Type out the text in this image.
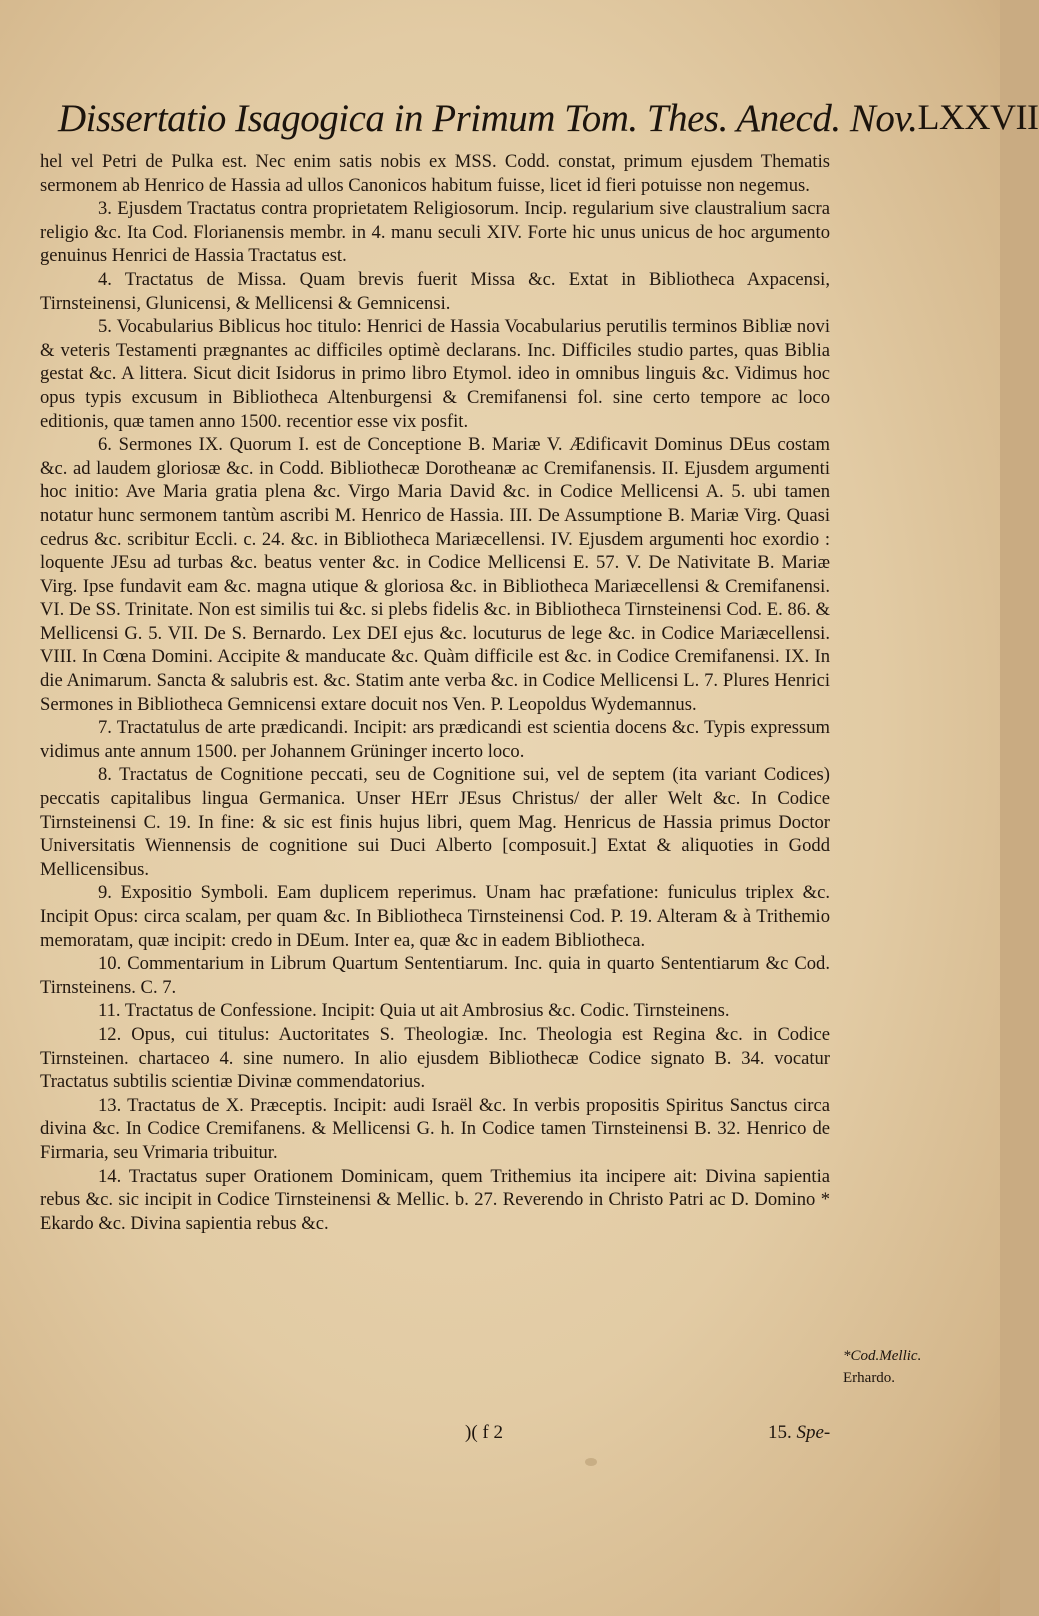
Dissertatio Isagogica in Primum Tom. Thes. Anecd. Nov. LXXVII

hel vel Petri de Pulka est. Nec enim satis nobis ex MSS. Codd. constat, primum ejusdem Thematis sermonem ab Henrico de Hassia ad ullos Canonicos habitum fuisse, licet id fieri potuisse non negemus.

3. Ejusdem Tractatus contra proprietatem Religiosorum. Incip. regularium sive claustralium sacra religio &c. Ita Cod. Florianensis membr. in 4. manu seculi XIV. Forte hic unus unicus de hoc argumento genuinus Henrici de Hassia Tractatus est.

4. Tractatus de Missa. Quam brevis fuerit Missa &c. Extat in Bibliotheca Axpacensi, Tirnsteinensi, Glunicensi, & Mellicensi & Gemnicensi.

5. Vocabularius Biblicus hoc titulo: Henrici de Hassia Vocabularius perutilis terminos Bibliæ novi & veteris Testamenti prægnantes ac difficiles optimè declarans. Inc. Difficiles studio partes, quas Biblia gestat &c. A littera. Sicut dicit Isidorus in primo libro Etymol. ideo in omnibus linguis &c. Vidimus hoc opus typis excusum in Bibliotheca Altenburgensi & Cremifanensi fol. sine certo tempore ac loco editionis, quæ tamen anno 1500. recentior esse vix posfit.

6. Sermones IX. Quorum I. est de Conceptione B. Mariæ V. Ædificavit Dominus DEus costam &c. ad laudem gloriosæ &c. in Codd. Bibliothecæ Dorotheanæ ac Cremifanensis. II. Ejusdem argumenti hoc initio: Ave Maria gratia plena &c. Virgo Maria David &c. in Codice Mellicensi A. 5. ubi tamen notatur hunc sermonem tantùm ascribi M. Henrico de Hassia. III. De Assumptione B. Mariæ Virg. Quasi cedrus &c. scribitur Eccli. c. 24. &c. in Bibliotheca Mariæcellensi. IV. Ejusdem argumenti hoc exordio : loquente JEsu ad turbas &c. beatus venter &c. in Codice Mellicensi E. 57. V. De Nativitate B. Mariæ Virg. Ipse fundavit eam &c. magna utique & gloriosa &c. in Bibliotheca Mariæcellensi & Cremifanensi. VI. De SS. Trinitate. Non est similis tui &c. si plebs fidelis &c. in Bibliotheca Tirnsteinensi Cod. E. 86. & Mellicensi G. 5. VII. De S. Bernardo. Lex DEI ejus &c. locuturus de lege &c. in Codice Mariæcellensi. VIII. In Cœna Domini. Accipite & manducate &c. Quàm difficile est &c. in Codice Cremifanensi. IX. In die Animarum. Sancta & salubris est. &c. Statim ante verba &c. in Codice Mellicensi L. 7. Plures Henrici Sermones in Bibliotheca Gemnicensi extare docuit nos Ven. P. Leopoldus Wydemannus.

7. Tractatulus de arte prædicandi. Incipit: ars prædicandi est scientia docens &c. Typis expressum vidimus ante annum 1500. per Johannem Grüninger incerto loco.

8. Tractatus de Cognitione peccati, seu de Cognitione sui, vel de septem (ita variant Codices) peccatis capitalibus lingua Germanica. Unser HErr JEsus Christus/ der aller Welt &c. In Codice Tirnsteinensi C. 19. In fine: & sic est finis hujus libri, quem Mag. Henricus de Hassia primus Doctor Universitatis Wiennensis de cognitione sui Duci Alberto [composuit.] Extat & aliquoties in Godd Mellicensibus.

9. Expositio Symboli. Eam duplicem reperimus. Unam hac præfatione: funiculus triplex &c. Incipit Opus: circa scalam, per quam &c. In Bibliotheca Tirnsteinensi Cod. P. 19. Alteram & à Trithemio memoratam, quæ incipit: credo in DEum. Inter ea, quæ &c in eadem Bibliotheca.

10. Commentarium in Librum Quartum Sententiarum. Inc. quia in quarto Sententiarum &c Cod. Tirnsteinens. C. 7.

11. Tractatus de Confessione. Incipit: Quia ut ait Ambrosius &c. Codic. Tirnsteinens.

12. Opus, cui titulus: Auctoritates S. Theologiæ. Inc. Theologia est Regina &c. in Codice Tirnsteinen. chartaceo 4. sine numero. In alio ejusdem Bibliothecæ Codice signato B. 34. vocatur Tractatus subtilis scientiæ Divinæ commendatorius.

13. Tractatus de X. Præceptis. Incipit: audi Israël &c. In verbis propositis Spiritus Sanctus circa divina &c. In Codice Cremifanens. & Mellicensi G. h. In Codice tamen Tirnsteinensi B. 32. Henrico de Firmaria, seu Vrimaria tribuitur.

14. Tractatus super Orationem Dominicam, quem Trithemius ita incipere ait: Divina sapientia rebus &c. sic incipit in Codice Tirnsteinensi & Mellic. b. 27. Reverendo in Christo Patri ac D. Domino * Ekardo &c. Divina sapientia rebus &c.

*Cod.Mellic.
Erhardo.
)( f 2	15. Spe-
